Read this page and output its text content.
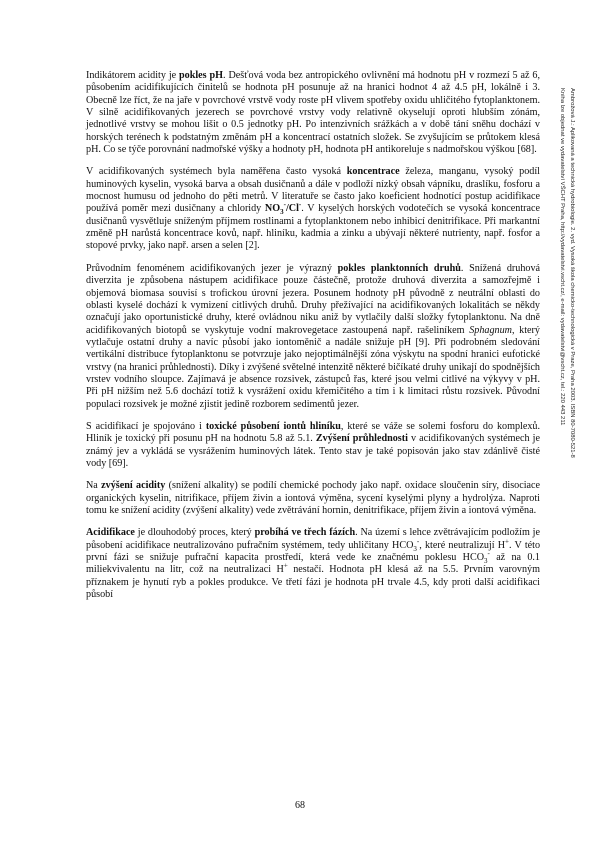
Ambrožová J.: Aplikovaná a technická hydrobiologie. 2. vyd. Vysoká škola chemicko-technologická v Praze, Praha 2003. ISBN 80-7080-521-8
Kniha lze objednat ve vydavatelství VŠCHT Praha, http://vydavatelstvi.vscht.cz/, e-mail: vydavatelstvi@vscht.cz, tel.: 220 443 211

Indikátorem acidity je pokles pH. Dešťová voda bez antropického ovlivnění má hodnotu pH v rozmezí 5 až 6, působením acidifikujících činitelů se hodnota pH posunuje až na hranici hodnot 4 až 4.5 pH, lokálně i 3. Obecně lze říct, že na jaře v povrchové vrstvě vody roste pH vlivem spotřeby oxidu uhličitého fytoplanktonem. V silně acidifikovaných jezerech se povrchové vrstvy vody relativně okyselují oproti hlubším zónám, jednotlivé vrstvy se mohou lišit o 0.5 jednotky pH. Po intenzivních srážkách a v době tání sněhu dochází v horských terénech k podstatným změnám pH a koncentrací ostatních složek. Se zvyšujícím se průtokem klesá pH. Co se týče porovnání nadmořské výšky a hodnoty pH, hodnota pH antikoreluje s nadmořskou výškou [68].

V acidifikovaných systémech byla naměřena často vysoká koncentrace železa, manganu, vysoký podíl huminových kyselin, vysoká barva a obsah dusičnanů a dále v podloží nízký obsah vápníku, draslíku, fosforu a mocnost humusu od jednoho do pěti metrů. V literatuře se často jako koeficient hodnotící postup acidifikace používá poměr mezi dusičnany a chloridy $NO_3^-/Cl^-$. V kyselých horských vodotečích se vysoká koncentrace dusičnanů vysvětluje sníženým příjmem rostlinami a fytoplanktonem nebo inhibicí denitrifikace. Při markantní změně pH narůstá koncentrace kovů, např. hliníku, kadmia a zinku a ubývají některé nutrienty, např. fosfor a stopové prvky, jako např. arsen a selen [2].

Průvodním fenoménem acidifikovaných jezer je výrazný pokles planktonních druhů. Snížená druhová diverzita je způsobena nástupem acidifikace pouze částečně, protože druhová diverzita a samozřejmě i objemová biomasa souvisí s trofickou úrovní jezera. Posunem hodnoty pH původně z neutrální oblasti do oblasti kyselé dochází k vymizení citlivých druhů. Druhy přežívající na acidifikovaných lokalitách se někdy označují jako oportunistické druhy, které ovládnou niku aniž by vytlačily další složky fytoplanktonu. Na dně acidifikovaných biotopů se vyskytuje vodní makrovegetace zastoupená např. rašeliníkem Sphagnum, který vytlačuje ostatní druhy a navíc působí jako iontoměnič a nadále snižuje pH [9]. Při podrobném sledování vertikální distribuce fytoplanktonu se potvrzuje jako nejoptimálnější zóna výskytu na spodní hranici eufotické vrstvy (na hranici průhlednosti). Díky i zvýšené světelné intenzitě některé bičíkaté druhy unikají do spodnějších vrstev vodního sloupce. Zajímavá je absence rozsivek, zástupců řas, které jsou velmi citlivé na výkyvy v pH. Při pH nižším než 5.6 dochází totiž k vysrážení oxidu křemičitého a tím i k limitaci růstu rozsivek. Původní populaci rozsivek je možné zjistit jedině rozborem sedimentů jezer.

S acidifikací je spojováno i toxické působení iontů hliníku, které se váže se solemi fosforu do komplexů. Hliník je toxický při posunu pH na hodnotu 5.8 až 5.1. Zvýšení průhlednosti v acidifikovaných systémech je známý jev a vykládá se vysrážením huminových látek. Tento stav je také popisován jako stav zdánlivě čisté vody [69].

Na zvýšení acidity (snížení alkality) se podílí chemické pochody jako např. oxidace sloučenin síry, disociace organických kyselin, nitrifikace, příjem živin a iontová výměna, sycení kyselými plyny a hydrolýza. Naproti tomu ke snížení acidity (zvýšení alkality) vede zvětrávání hornin, denitrifikace, příjem živin a iontová výměna.

Acidifikace je dlouhodobý proces, který probíhá ve třech fázích. Na území s lehce zvětrávajícím podložím je působení acidifikace neutralizováno pufračním systémem, tedy uhličitany $HCO_3^-$, které neutralizují H+. V této první fázi se snižuje pufrační kapacita prostředí, která vede ke značnému poklesu $HCO_3^-$ až na 0.1 miliekvivalentu na litr, což na neutralizaci H+ nestačí. Hodnota pH klesá až na 5.5. Prvním varovným příznakem je hynutí ryb a pokles produkce. Ve třetí fázi je hodnota pH trvale 4.5, kdy proti další acidifikaci působí

68
